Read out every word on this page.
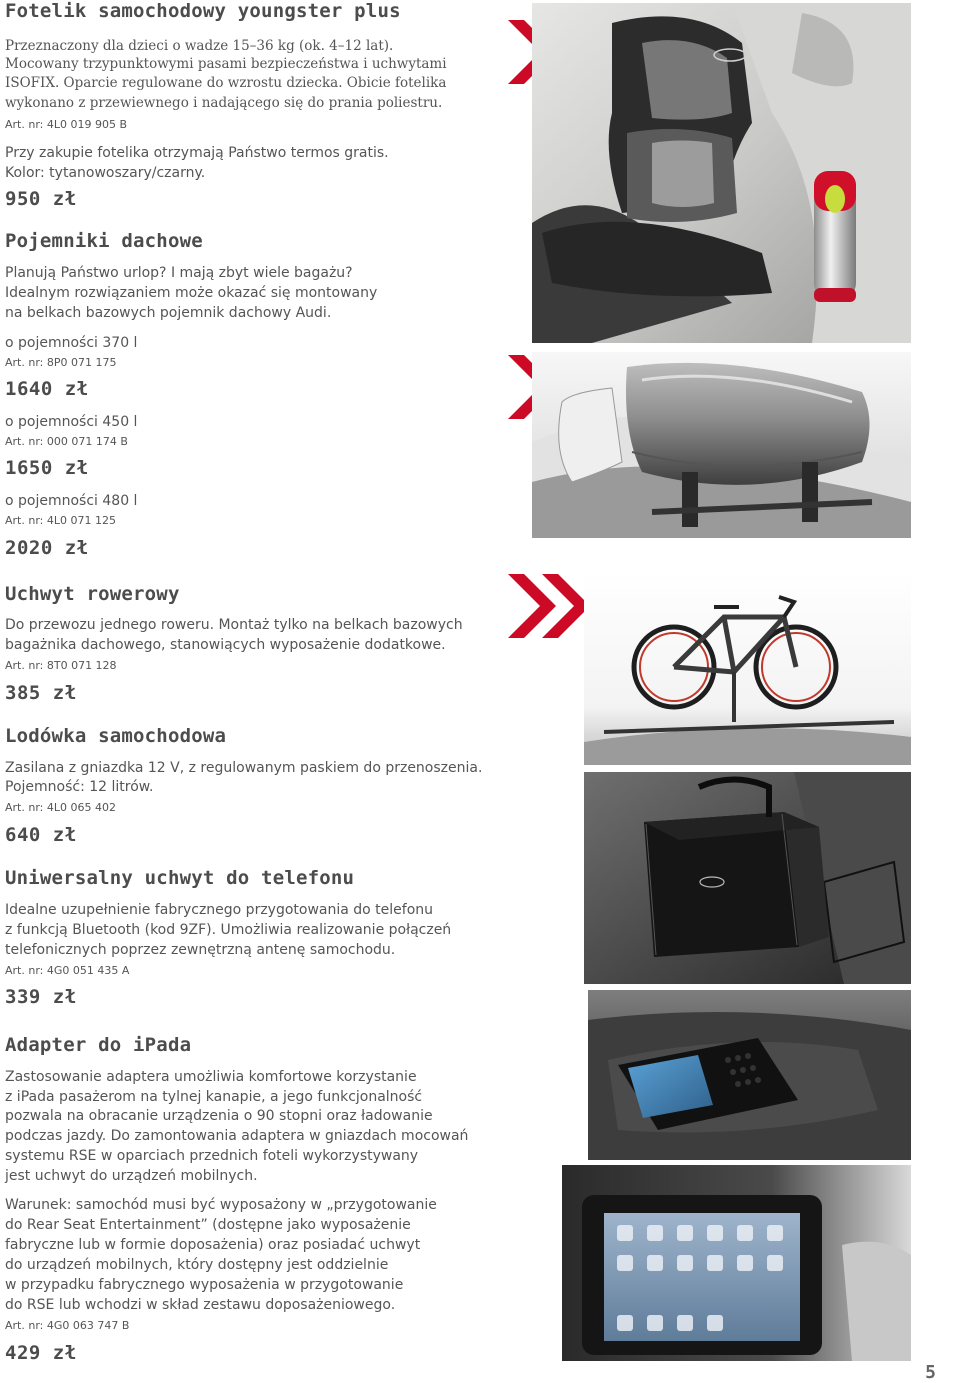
Fotelik samochodowy youngster plus

Przeznaczony dla dzieci o wadze 15–36 kg (ok. 4–12 lat).

Mocowany trzypunktowymi pasami bezpieczeństwa i uchwytami

ISOFIX. Oparcie regulowane do wzrostu dziecka. Obicie fotelika

wykonano z przewiewnego i nadającego się do prania poliestru.

Art. nr: 4L0 019 905 B

Przy zakupie fotelika otrzymają Państwo termos gratis.

Kolor: tytanowoszary/czarny.

950 zł

Pojemniki dachowe

Planują Państwo urlop? I mają zbyt wiele bagażu?

Idealnym rozwiązaniem może okazać się montowany

na belkach bazowych pojemnik dachowy Audi.

o pojemności 370 l

Art. nr: 8P0 071 175

1640 zł

o pojemności 450 l

Art. nr: 000 071 174 B

1650 zł

o pojemności 480 l

Art. nr: 4L0 071 125

2020 zł

Uchwyt rowerowy

Do przewozu jednego roweru. Montaż tylko na belkach bazowych

bagażnika dachowego, stanowiących wyposażenie dodatkowe.

Art. nr: 8T0 071 128

385 zł

Lodówka samochodowa

Zasilana z gniazdka 12 V, z regulowanym paskiem do przenoszenia.

Pojemność: 12 litrów.

Art. nr: 4L0 065 402

640 zł

Uniwersalny uchwyt do telefonu

Idealne uzupełnienie fabrycznego przygotowania do telefonu

z funkcją Bluetooth (kod 9ZF). Umożliwia realizowanie połączeń

telefonicznych poprzez zewnętrzną antenę samochodu.

Art. nr: 4G0 051 435 A

339 zł

Adapter do iPada

Zastosowanie adaptera umożliwia komfortowe korzystanie

z iPada pasażerom na tylnej kanapie, a jego funkcjonalność

pozwala na obracanie urządzenia o 90 stopni oraz ładowanie

podczas jazdy. Do zamontowania adaptera w gniazdach mocowań

systemu RSE w oparciach przednich foteli wykorzystywany

jest uchwyt do urządzeń mobilnych.

Warunek: samochód musi być wyposażony w „przygotowanie

do Rear Seat Entertainment” (dostępne jako wyposażenie

fabryczne lub w formie doposażenia) oraz posiadać uchwyt

do urządzeń mobilnych, który dostępny jest oddzielnie

w przypadku fabrycznego wyposażenia w przygotowanie

do RSE lub wchodzi w skład zestawu doposażeniowego.

Art. nr: 4G0 063 747 B

429 zł

5
